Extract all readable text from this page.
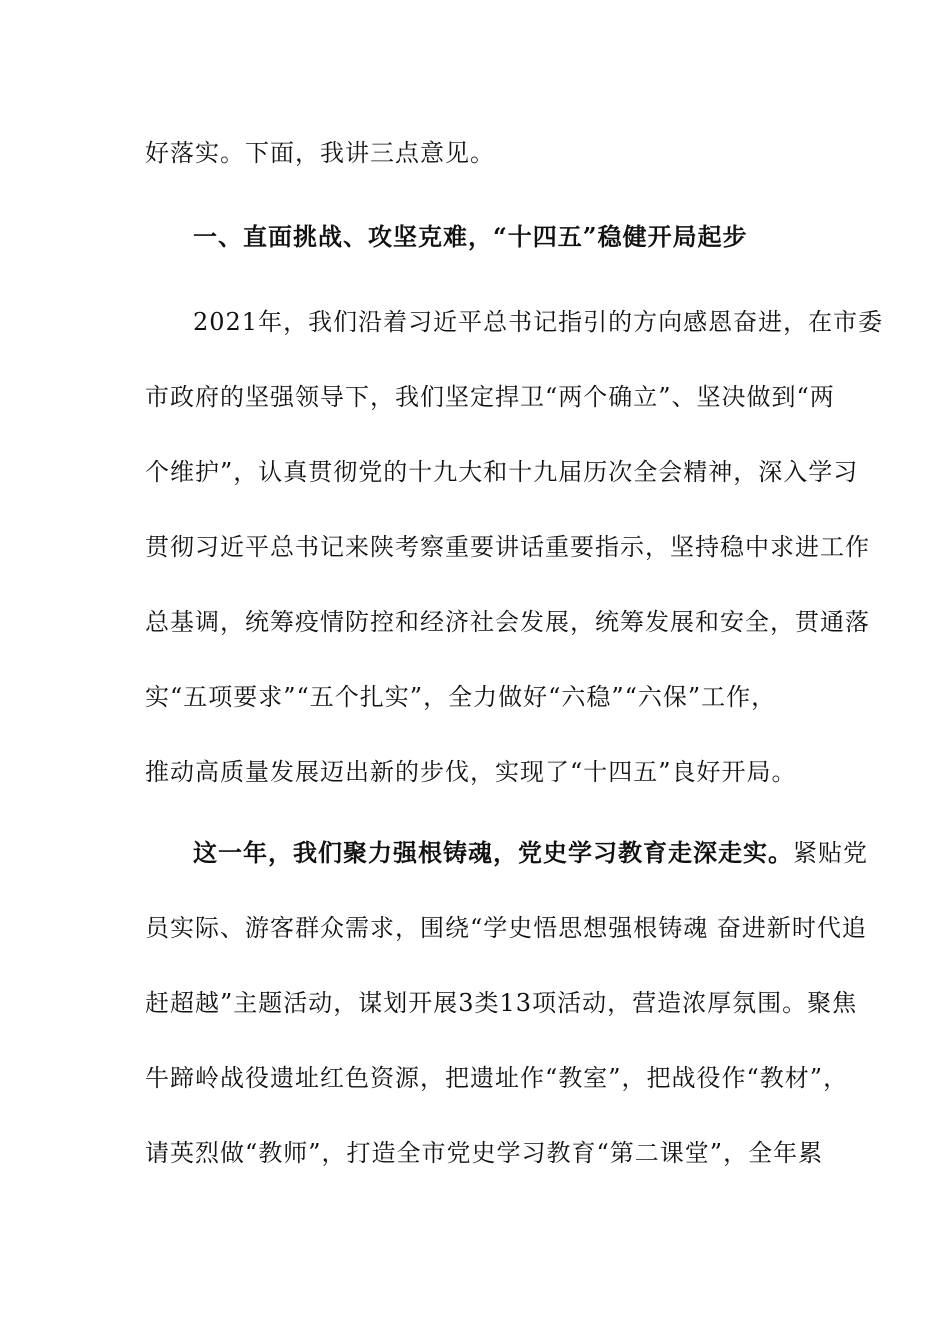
好落实。下面，我讲三点意见。
一、直面挑战、攻坚克难，“十四五”稳健开局起步
2021年，我们沿着习近平总书记指引的方向感恩奋进，在市委
市政府的坚强领导下，我们坚定捍卫“两个确立”、坚决做到“两
个维护”，认真贯彻党的十九大和十九届历次全会精神，深入学习
贯彻习近平总书记来陕考察重要讲话重要指示，坚持稳中求进工作
总基调，统筹疫情防控和经济社会发展，统筹发展和安全，贯通落
实“五项要求”“五个扎实”，全力做好“六稳”“六保”工作，
推动高质量发展迈出新的步伐，实现了“十四五”良好开局。
这一年，我们聚力强根铸魂，党史学习教育走深走实。紧贴党
员实际、游客群众需求，围绕“学史悟思想强根铸魂 奋进新时代追
赶超越”主题活动，谋划开展3类13项活动，营造浓厚氛围。聚焦
牛蹄岭战役遗址红色资源，把遗址作“教室”，把战役作“教材”，
请英烈做“教师”，打造全市党史学习教育“第二课堂”，全年累
